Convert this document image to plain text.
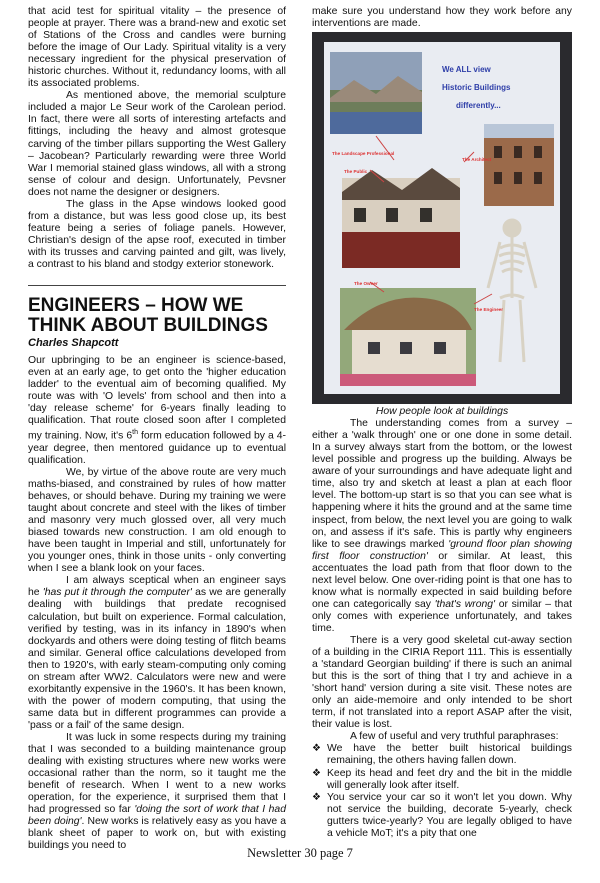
that acid test for spiritual vitality – the presence of people at prayer. There was a brand-new and exotic set of Stations of the Cross and candles were burning before the image of Our Lady. Spiritual vitality is a very necessary ingredient for the physical preservation of historic churches. Without it, redundancy looms, with all its associated problems.

As mentioned above, the memorial sculpture included a major Le Seur work of the Carolean period. In fact, there were all sorts of interesting artefacts and fittings, including the heavy and almost grotesque carving of the timber pillars supporting the West Gallery – Jacobean? Particularly rewarding were three World War I memorial stained glass windows, all with a strong sense of colour and design. Unfortunately, Pevsner does not name the designer or designers.

The glass in the Apse windows looked good from a distance, but was less good close up, its best feature being a series of foliage panels. However, Christian's design of the apse roof, executed in timber with its trusses and carving painted and gilt, was lively, a contrast to his bland and stodgy exterior stonework.

ENGINEERS – HOW WE THINK ABOUT BUILDINGS
Charles Shapcott

Our upbringing to be an engineer is science-based, even at an early age, to get onto the 'higher education ladder' to the eventual aim of becoming qualified. My route was with 'O levels' from school and then into a 'day release scheme' for 6-years finally leading to qualification. That route closed soon after I completed my training. Now, it's 6th form education followed by a 4-year degree, then mentored guidance up to eventual qualification.

We, by virtue of the above route are very much maths-biased, and constrained by rules of how matter behaves, or should behave. During my training we were taught about concrete and steel with the likes of timber and masonry very much glossed over, all very much biased towards new construction. I am old enough to have been taught in Imperial and still, unfortunately for you younger ones, think in those units - only converting when I see a blank look on your faces.

I am always sceptical when an engineer says he 'has put it through the computer' as we are generally dealing with buildings that predate recognised calculation, but built on experience. Formal calculation, verified by testing, was in its infancy in 1890's when dockyards and others were doing testing of flitch beams and similar. General office calculations developed from then to 1920's, with early steam-computing only coming on stream after WW2. Calculators were new and were exorbitantly expensive in the 1960's. It has been known, with the power of modern computing, that using the same data but in different programmes can provide a 'pass or a fail' of the same design.

It was luck in some respects during my training that I was seconded to a building maintenance group dealing with existing structures where new works were occasional rather than the norm, so it taught me the benefit of research. When I went to a new works operation, for the experience, it surprised them that I had progressed so far 'doing the sort of work that I had been doing'. New works is relatively easy as you have a blank sheet of paper to work on, but with existing buildings you need to

make sure you understand how they work before any interventions are made.

We ALL view
Historic Buildings
differently...
The Landscape Professional
The Architect
The Public
The Engineer
The Owner

How people look at buildings

The understanding comes from a survey – either a 'walk through' one or one done in some detail. In a survey always start from the bottom, or the lowest level possible and progress up the building. Always be aware of your surroundings and have adequate light and time, also try and sketch at least a plan at each floor level. The bottom-up start is so that you can see what is happening where it hits the ground and at the same time inspect, from below, the next level you are going to walk on, and assess if it's safe. This is partly why engineers like to see drawings marked 'ground floor plan showing first floor construction' or similar. At least, this accentuates the load path from that floor down to the next level below. One over-riding point is that one has to know what is normally expected in said building before one can categorically say 'that's wrong' or similar – that only comes with experience unfortunately, and takes time.

There is a very good skeletal cut-away section of a building in the CIRIA Report 111. This is essentially a 'standard Georgian building' if there is such an animal but this is the sort of thing that I try and achieve in a 'short hand' version during a site visit. These notes are only an aide-memoire and only intended to be short term, if not translated into a report ASAP after the visit, their value is lost.

A few of useful and very truthful paraphrases:

❖ We have the better built historical buildings remaining, the others having fallen down.
❖ Keep its head and feet dry and the bit in the middle will generally look after itself.
❖ You service your car so it won't let you down. Why not service the building, decorate 5-yearly, check gutters twice-yearly? You are legally obliged to have a vehicle MoT; it's a pity that one
Newsletter 30 page 7
